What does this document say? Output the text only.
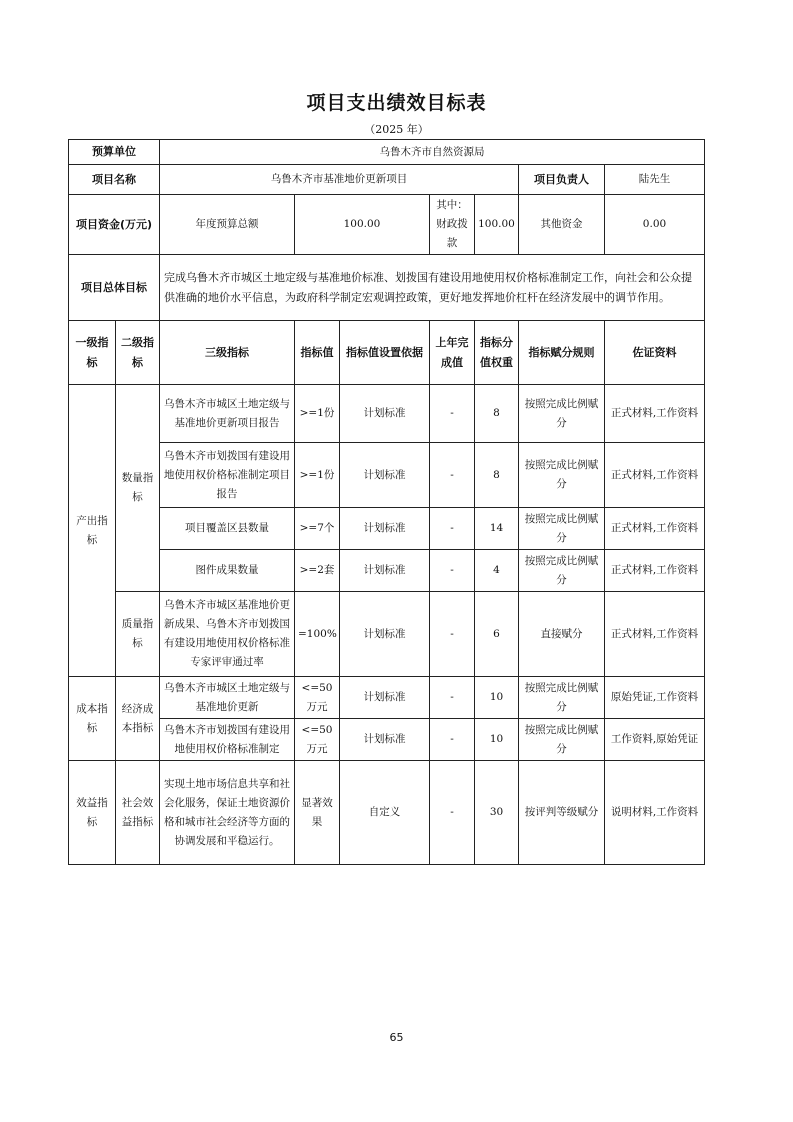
项目支出绩效目标表
（2025 年）
预算单位		乌鲁木齐市自然资源局						
项目名称		乌鲁木齐市基准地价更新项目					项目负责人	陆先生
项目资金(万元)		年度预算总额	100.00		其中：财政拨款	100.00	其他资金	0.00
项目总体目标		完成乌鲁木齐市城区土地定级与基准地价标准、划拨国有建设用地使用权价格标准制定工作，向社会和公众提供准确的地价水平信息，为政府科学制定宏观调控政策，更好地发挥地价杠杆在经济发展中的调节作用。						
一级指标	二级指标	三级指标	指标值	指标值设置依据	上年完成值	指标分值权重	指标赋分规则	佐证资料
产出指标	数量指标	乌鲁木齐市城区土地定级与基准地价更新项目报告	>=1份	计划标准	-	8	按照完成比例赋分	正式材料,工作资料
		乌鲁木齐市划拨国有建设用地使用权价格标准制定项目报告	>=1份	计划标准	-	8	按照完成比例赋分	正式材料,工作资料
		项目覆盖区县数量	>=7个	计划标准	-	14	按照完成比例赋分	正式材料,工作资料
		图件成果数量	>=2套	计划标准	-	4	按照完成比例赋分	正式材料,工作资料
	质量指标	乌鲁木齐市城区基准地价更新成果、乌鲁木齐市划拨国有建设用地使用权价格标准专家评审通过率	=100%	计划标准	-	6	直接赋分	正式材料,工作资料
成本指标	经济成本指标	乌鲁木齐市城区土地定级与基准地价更新	<=50万元	计划标准	-	10	按照完成比例赋分	原始凭证,工作资料
		乌鲁木齐市划拨国有建设用地使用权价格标准制定	<=50万元	计划标准	-	10	按照完成比例赋分	工作资料,原始凭证
效益指标	社会效益指标	实现土地市场信息共享和社会化服务，保证土地资源价格和城市社会经济等方面的协调发展和平稳运行。	显著效果	自定义	-	30	按评判等级赋分	说明材料,工作资料
65
